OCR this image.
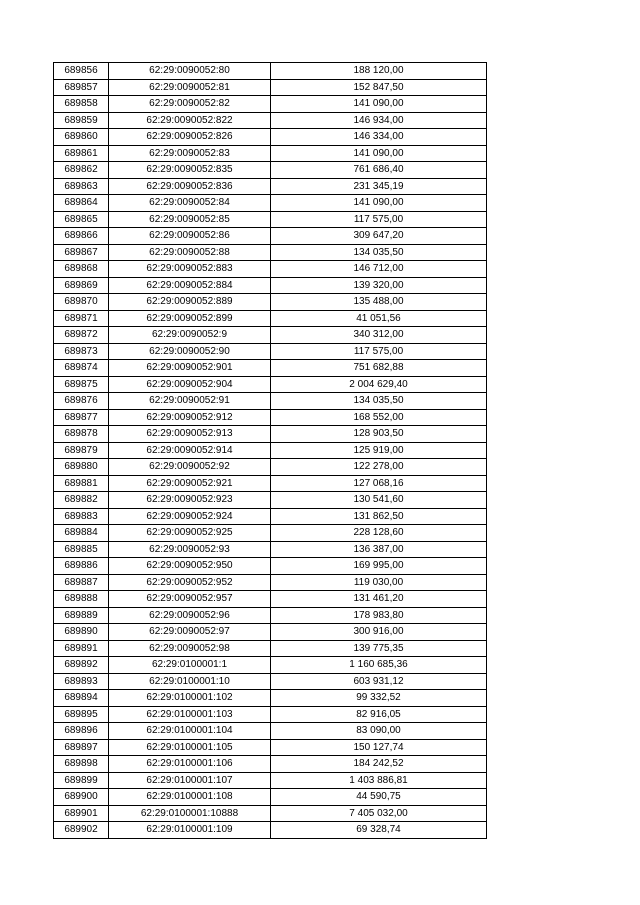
689856	62:29:0090052:80	188 120,00
689857	62:29:0090052:81	152 847,50
689858	62:29:0090052:82	141 090,00
689859	62:29:0090052:822	146 934,00
689860	62:29:0090052:826	146 334,00
689861	62:29:0090052:83	141 090,00
689862	62:29:0090052:835	761 686,40
689863	62:29:0090052:836	231 345,19
689864	62:29:0090052:84	141 090,00
689865	62:29:0090052:85	117 575,00
689866	62:29:0090052:86	309 647,20
689867	62:29:0090052:88	134 035,50
689868	62:29:0090052:883	146 712,00
689869	62:29:0090052:884	139 320,00
689870	62:29:0090052:889	135 488,00
689871	62:29:0090052:899	41 051,56
689872	62:29:0090052:9	340 312,00
689873	62:29:0090052:90	117 575,00
689874	62:29:0090052:901	751 682,88
689875	62:29:0090052:904	2 004 629,40
689876	62:29:0090052:91	134 035,50
689877	62:29:0090052:912	168 552,00
689878	62:29:0090052:913	128 903,50
689879	62:29:0090052:914	125 919,00
689880	62:29:0090052:92	122 278,00
689881	62:29:0090052:921	127 068,16
689882	62:29:0090052:923	130 541,60
689883	62:29:0090052:924	131 862,50
689884	62:29:0090052:925	228 128,60
689885	62:29:0090052:93	136 387,00
689886	62:29:0090052:950	169 995,00
689887	62:29:0090052:952	119 030,00
689888	62:29:0090052:957	131 461,20
689889	62:29:0090052:96	178 983,80
689890	62:29:0090052:97	300 916,00
689891	62:29:0090052:98	139 775,35
689892	62:29:0100001:1	1 160 685,36
689893	62:29:0100001:10	603 931,12
689894	62:29:0100001:102	99 332,52
689895	62:29:0100001:103	82 916,05
689896	62:29:0100001:104	83 090,00
689897	62:29:0100001:105	150 127,74
689898	62:29:0100001:106	184 242,52
689899	62:29:0100001:107	1 403 886,81
689900	62:29:0100001:108	44 590,75
689901	62:29:0100001:10888	7 405 032,00
689902	62:29:0100001:109	69 328,74
